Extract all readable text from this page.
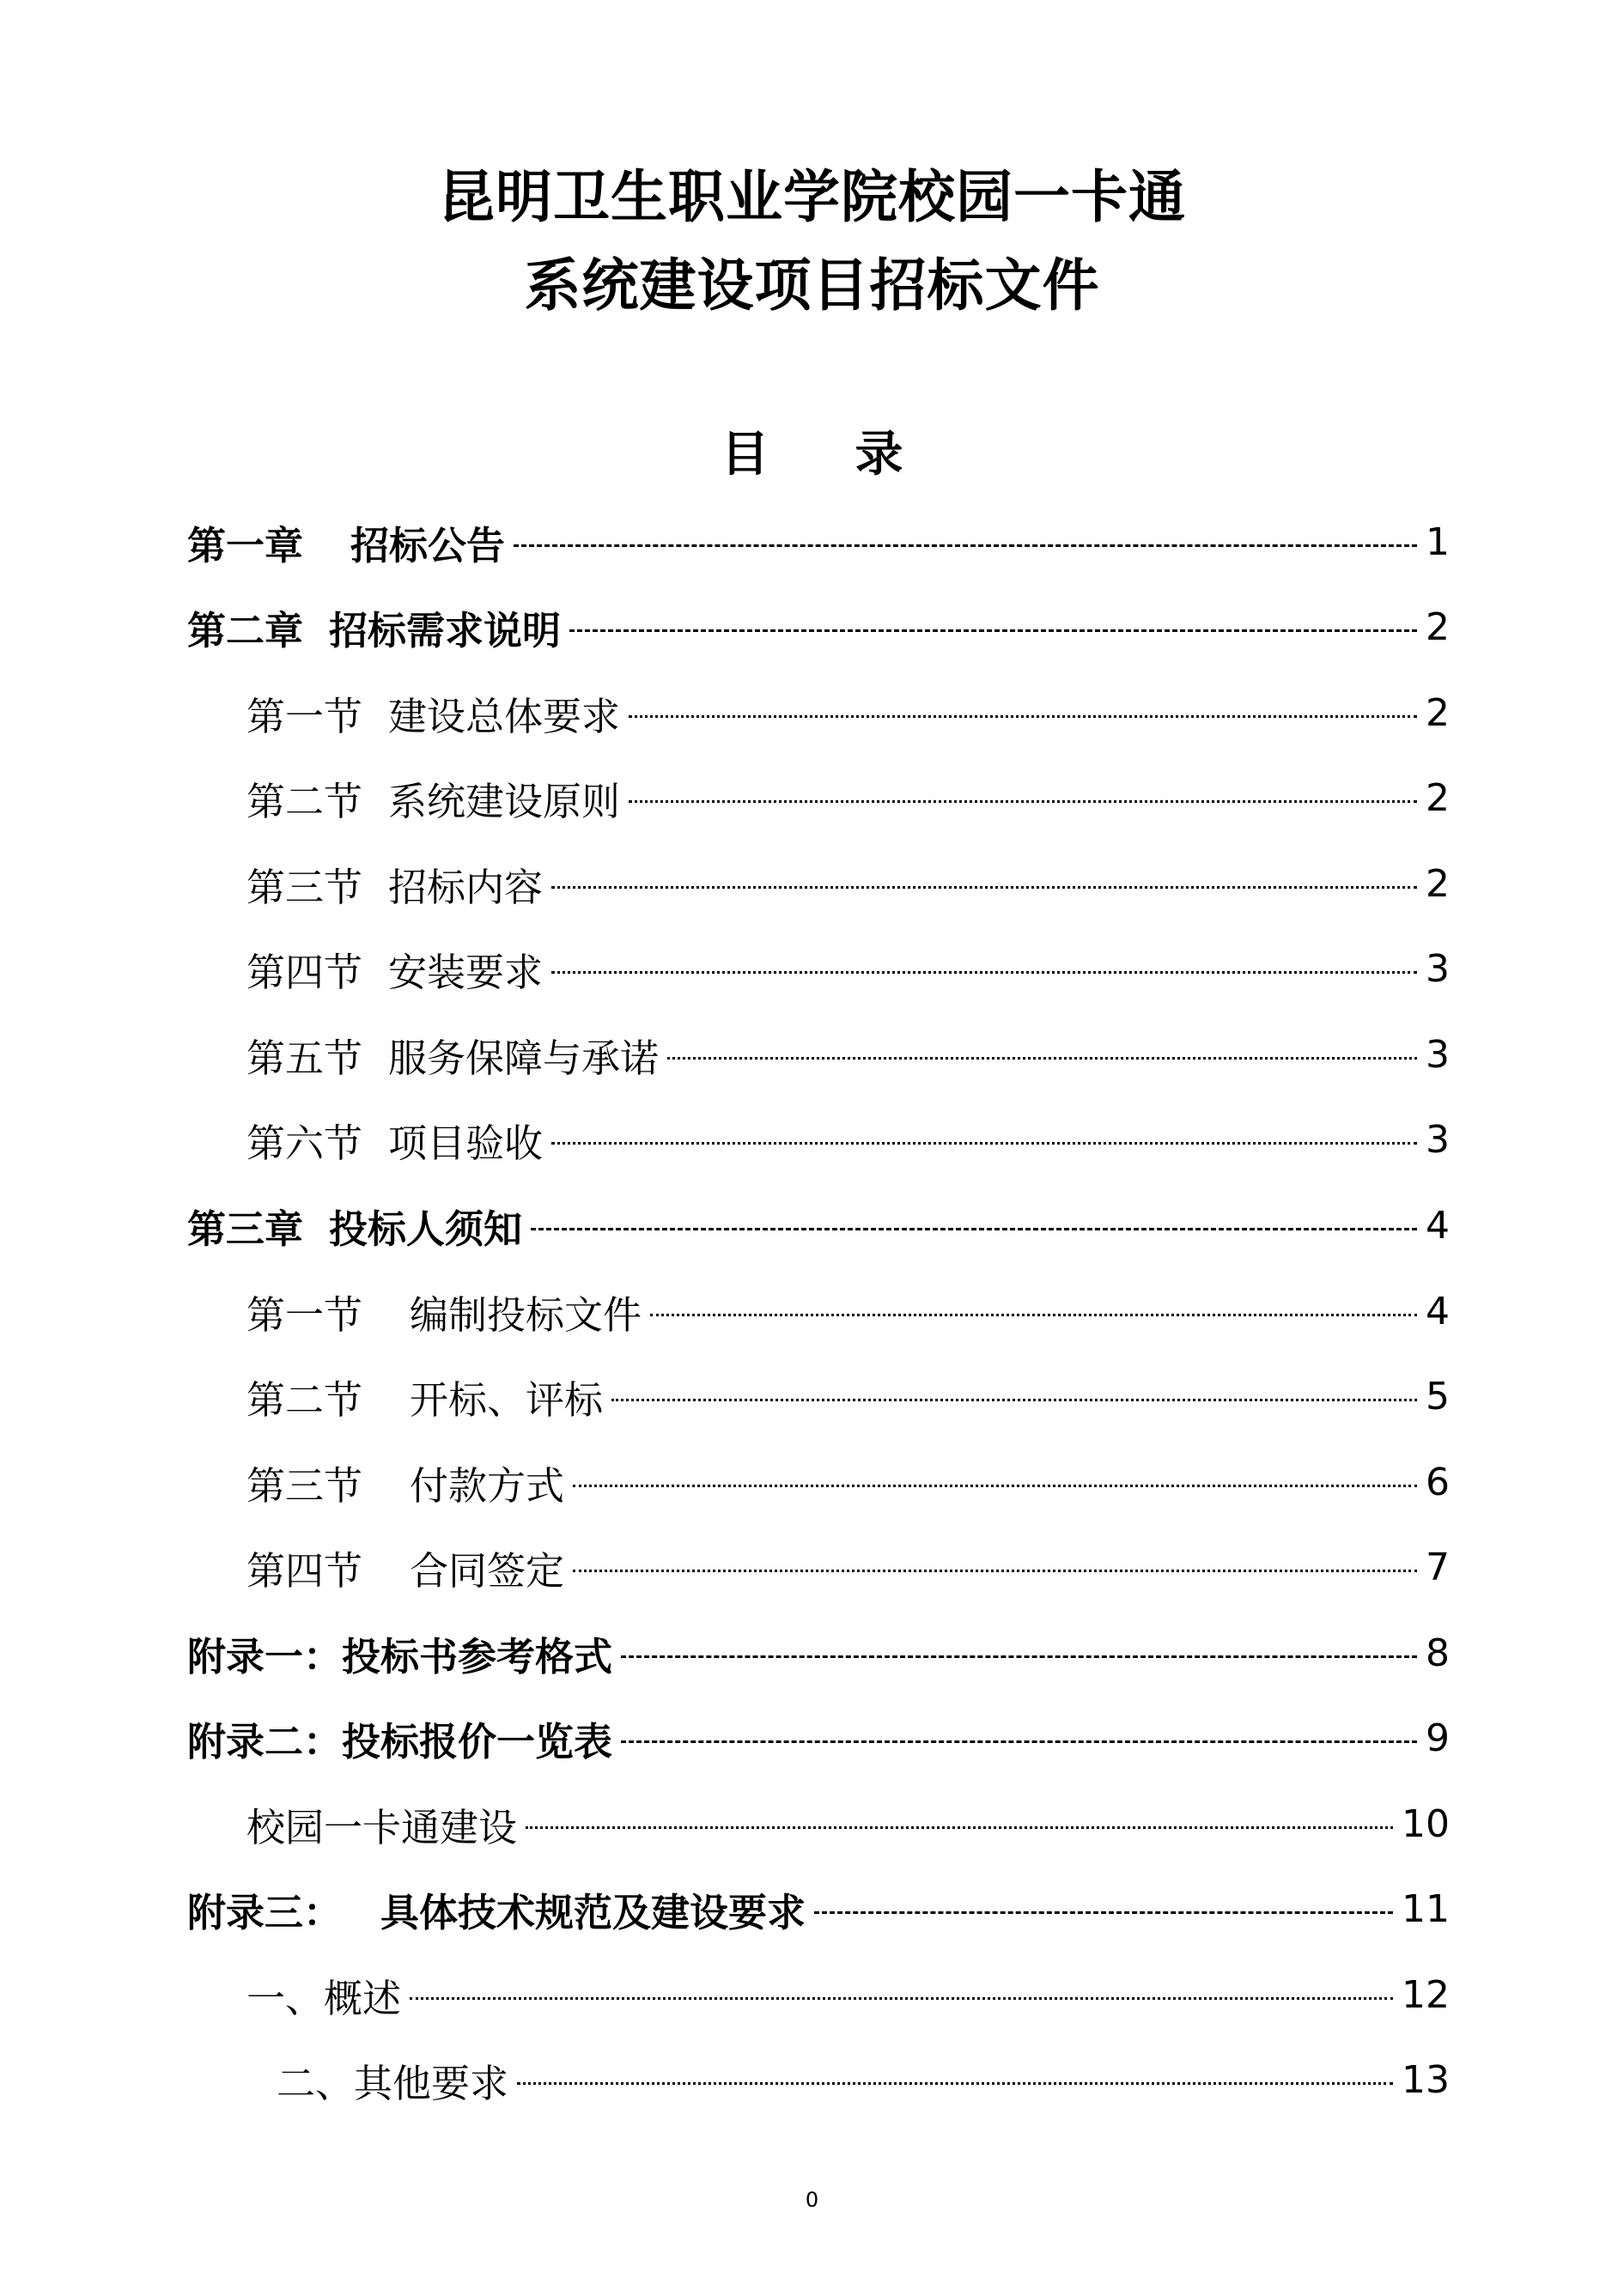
昆明卫生职业学院校园一卡通
系统建设项目招标文件
目 录
第一章 招标公告	1
第二章 招标需求说明	2
第一节 建设总体要求	2
第二节 系统建设原则	2
第三节 招标内容	2
第四节 安装要求	3
第五节 服务保障与承诺	3
第六节 项目验收	3
第三章 投标人须知	4
第一节 编制投标文件	4
第二节 开标、评标	5
第三节 付款方式	6
第四节 合同签定	7
附录一：投标书参考格式	8
附录二：投标报价一览表	9
校园一卡通建设	10
附录三： 具体技术规范及建设要求	11
一、概述	12
二、其他要求	13
0
